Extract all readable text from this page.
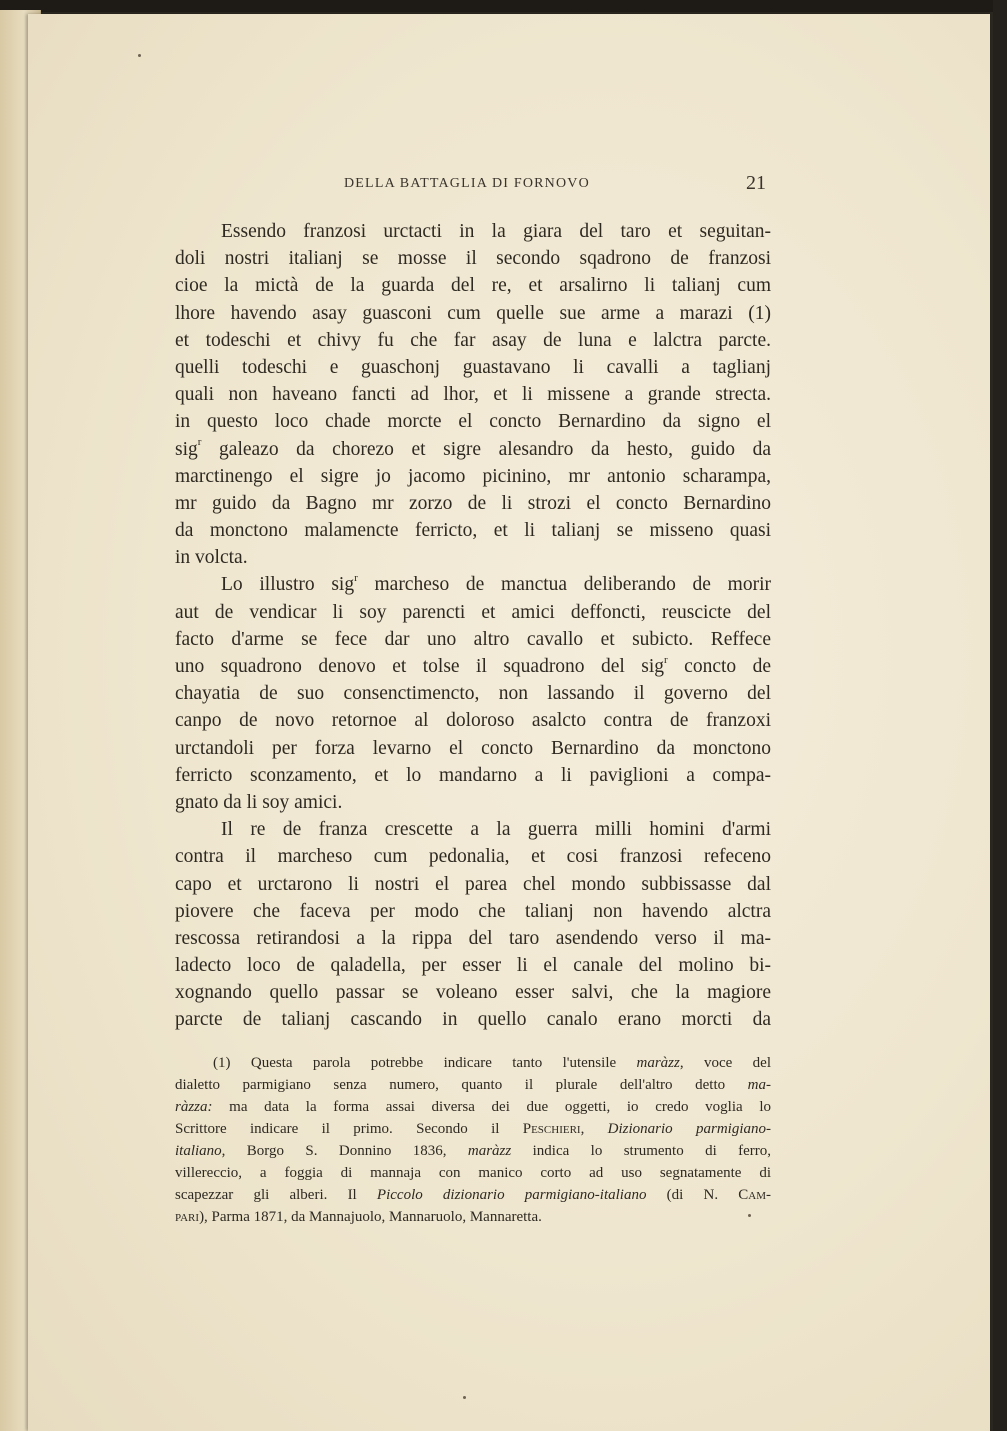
DELLA BATTAGLIA DI FORNOVO	21
Essendo franzosi urctacti in la giara del taro et seguitan-
doli nostri italianj se mosse il secondo sqadrono de franzosi
cioe la mictà de la guarda del re, et arsalirno li talianj cum
lhore havendo asay guasconi cum quelle sue arme a marazi (1)
et todeschi et chivy fu che far asay de luna e lalctra parcte.
quelli todeschi e guaschonj guastavano li cavalli a taglianj
quali non haveano fancti ad lhor, et li missene a grande strecta.
in questo loco chade morcte el concto Bernardino da signo el
sig$^r$ galeazo da chorezo et sigre alesandro da hesto, guido da
marctinengo el sigre jo jacomo picinino, mr antonio scharampa,
mr guido da Bagno mr zorzo de li strozi el concto Bernardino
da monctono malamencte ferricto, et li talianj se misseno quasi
in volcta.
Lo illustro sig$^r$ marcheso de manctua deliberando de morir
aut de vendicar li soy parencti et amici deffoncti, reuscicte del
facto d'arme se fece dar uno altro cavallo et subicto. Reffece
uno squadrono denovo et tolse il squadrono del sig$^r$ concto de
chayatia de suo consenctimencto, non lassando il governo del
canpo de novo retornoe al doloroso asalcto contra de franzoxi
urctandoli per forza levarno el concto Bernardino da monctono
ferricto sconzamento, et lo mandarno a li paviglioni a compa-
gnato da li soy amici.
Il re de franza crescette a la guerra milli homini d'armi
contra il marcheso cum pedonalia, et cosi franzosi refeceno
capo et urctarono li nostri el parea chel mondo subbissasse dal
piovere che faceva per modo che talianj non havendo alctra
rescossa retirandosi a la rippa del taro asendendo verso il ma-
ladecto loco de qaladella, per esser li el canale del molino bi-
xognando quello passar se voleano esser salvi, che la magiore
parcte de talianj cascando in quello canalo erano morcti da
(1) Questa parola potrebbe indicare tanto l'utensile maràzz, voce del
dialetto parmigiano senza numero, quanto il plurale dell'altro detto ma-
ràzza: ma data la forma assai diversa dei due oggetti, io credo voglia lo
Scrittore indicare il primo. Secondo il Peschieri, Dizionario parmigiano-
italiano, Borgo S. Donnino 1836, maràzz indica lo strumento di ferro,
villereccio, a foggia di mannaja con manico corto ad uso segnatamente di
scapezzar gli alberi. Il Piccolo dizionario parmigiano-italiano (di N. Cam-
pari), Parma 1871, da Mannajuolo, Mannaruolo, Mannaretta.
